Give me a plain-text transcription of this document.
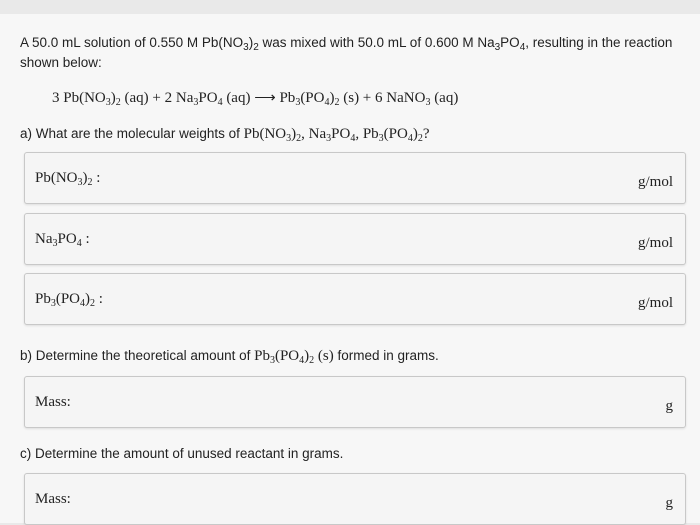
A 50.0 mL solution of 0.550 M $Pb(NO_3)_2$ was mixed with 50.0 mL of 0.600 M $Na_3PO_4$, resulting in the reaction
shown below:
3 $Pb(NO_3)_2$ (aq) + 2 $Na_3PO_4$ (aq) ⟶ $Pb_3(PO_4)_2$ (s) + 6 NaNO$_3$ (aq)
a) What are the molecular weights of $Pb(NO_3)_2$, $Na_3PO_4$, $Pb_3(PO_4)_2$?
$Pb(NO_3)_2$ :	g/mol
$Na_3PO_4$ :	g/mol
$Pb_3(PO_4)_2$ :	g/mol
b) Determine the theoretical amount of $Pb_3(PO_4)_2$ (s) formed in grams.
Mass:	g
c) Determine the amount of unused reactant in grams.
Mass:	g
